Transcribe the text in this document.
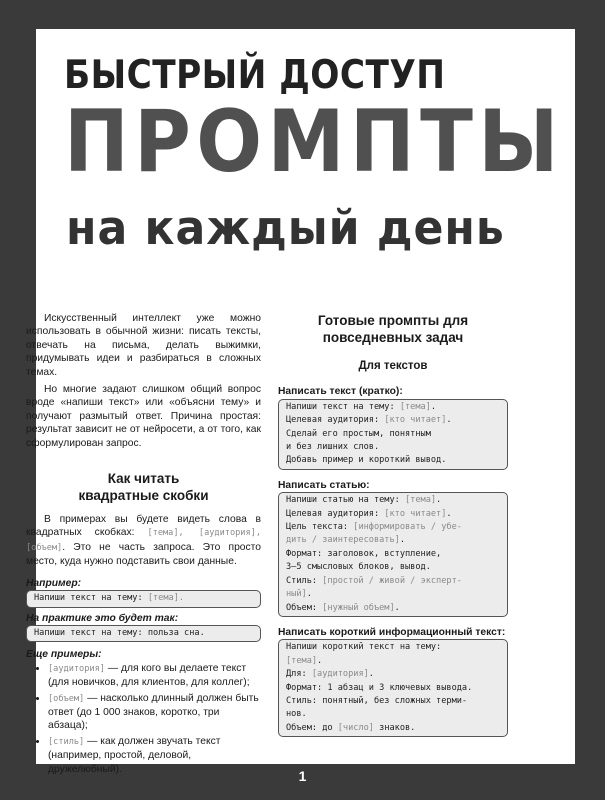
БЫСТРЫЙ ДОСТУП
ПРОМПТЫ
на каждый день

Искусственный интеллект уже можно использовать в обычной жизни: писать тексты, отвечать на письма, делать выжимки, придумывать идеи и разбираться в сложных темах.

Но многие задают слишком общий вопрос вроде «напиши текст» или «объясни тему» и получают размытый ответ. Причина простая: результат зависит не от нейросети, а от того, как сформулирован запрос.

Как читать квадратные скобки

В примерах вы будете видеть слова в квадратных скобках: [тема], [аудитория], [объем]. Это не часть запроса. Это просто место, куда нужно подставить свои данные.

Например:
Напиши текст на тему: [тема].
На практике это будет так:
Напиши текст на тему: польза сна.
Еще примеры:
• [аудитория] — для кого вы делаете текст (для новичков, для клиентов, для коллег);
• [объем] — насколько длинный должен быть ответ (до 1 000 знаков, коротко, три абзаца);
• [стиль] — как должен звучать текст (например, простой, деловой, дружелюбный).
Готовые промпты для повседневных задач
Для текстов
Написать текст (кратко):
Напиши текст на тему: [тема].
Целевая аудитория: [кто читает].
Сделай его простым, понятным
и без лишних слов.
Добавь пример и короткий вывод.
Написать статью:
Напиши статью на тему: [тема].
Целевая аудитория: [кто читает].
Цель текста: [информировать / убе-
дить / заинтересовать].
Формат: заголовок, вступление,
3–5 смысловых блоков, вывод.
Стиль: [простой / живой / эксперт-
ный].
Объем: [нужный объем].
Написать короткий информационный текст:
Напиши короткий текст на тему:
[тема].
Для: [аудитория].
Формат: 1 абзац и 3 ключевых вывода.
Стиль: понятный, без сложных терми-
нов.
Объем: до [число] знаков.
1
